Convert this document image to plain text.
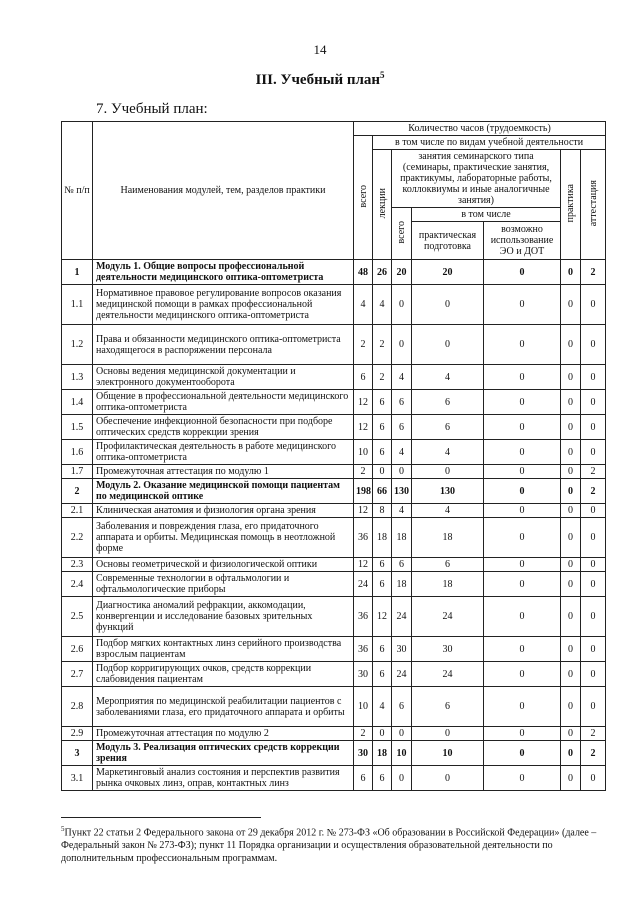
14
III. Учебный план$^5$
7. Учебный план:
№ п/п	Наименования модулей, тем, разделов практики	Количество часов (трудоемкость)						
		всего	в том числе по видам учебной деятельности					
			лекции	занятия семинарского типа (семинары, практические занятия, практикумы, лабораторные работы, коллоквиумы и иные аналогичные занятия)			практика	аттестация
				всего	в том числе			
					практическая подготовка	возможно использование ЭО и ДОТ		
1	Модуль 1. Общие вопросы профессиональной деятельности медицинского оптика-оптометриста	48	26	20	20	0	0	2
1.1	Нормативное правовое регулирование вопросов оказания медицинской помощи в рамках профессиональной деятельности медицинского оптика-оптометриста	4	4	0	0	0	0	0
1.2	Права и обязанности медицинского оптика-оптометриста находящегося в распоряжении персонала	2	2	0	0	0	0	0
1.3	Основы ведения медицинской документации и электронного документооборота	6	2	4	4	0	0	0
1.4	Общение в профессиональной деятельности медицинского оптика-оптометриста	12	6	6	6	0	0	0
1.5	Обеспечение инфекционной безопасности при подборе оптических средств коррекции зрения	12	6	6	6	0	0	0
1.6	Профилактическая деятельность в работе медицинского оптика-оптометриста	10	6	4	4	0	0	0
1.7	Промежуточная аттестация по модулю 1	2	0	0	0	0	0	2
2	Модуль 2. Оказание медицинской помощи пациентам по медицинской оптике	198	66	130	130	0	0	2
2.1	Клиническая анатомия и физиология органа зрения	12	8	4	4	0	0	0
2.2	Заболевания и повреждения глаза, его придаточного аппарата и орбиты. Медицинская помощь в неотложной форме	36	18	18	18	0	0	0
2.3	Основы геометрической и физиологической оптики	12	6	6	6	0	0	0
2.4	Современные технологии в офтальмологии и офтальмологические приборы	24	6	18	18	0	0	0
2.5	Диагностика аномалий рефракции, аккомодации, конвергенции и исследование базовых зрительных функций	36	12	24	24	0	0	0
2.6	Подбор мягких контактных линз серийного производства взрослым пациентам	36	6	30	30	0	0	0
2.7	Подбор корригирующих очков, средств коррекции слабовидения пациентам	30	6	24	24	0	0	0
2.8	Мероприятия по медицинской реабилитации пациентов с заболеваниями глаза, его придаточного аппарата и орбиты	10	4	6	6	0	0	0
2.9	Промежуточная аттестация по модулю 2	2	0	0	0	0	0	2
3	Модуль 3. Реализация оптических средств коррекции зрения	30	18	10	10	0	0	2
3.1	Маркетинговый анализ состояния и перспектив развития рынка очковых линз, оправ, контактных линз	6	6	0	0	0	0	0
$^5$Пункт 22 статьи 2 Федерального закона от 29 декабря 2012 г. № 273-ФЗ «Об образовании в Российской Федерации» (далее – Федеральный закон № 273-ФЗ); пункт 11 Порядка организации и осуществления образовательной деятельности по дополнительным профессиональным программам.
